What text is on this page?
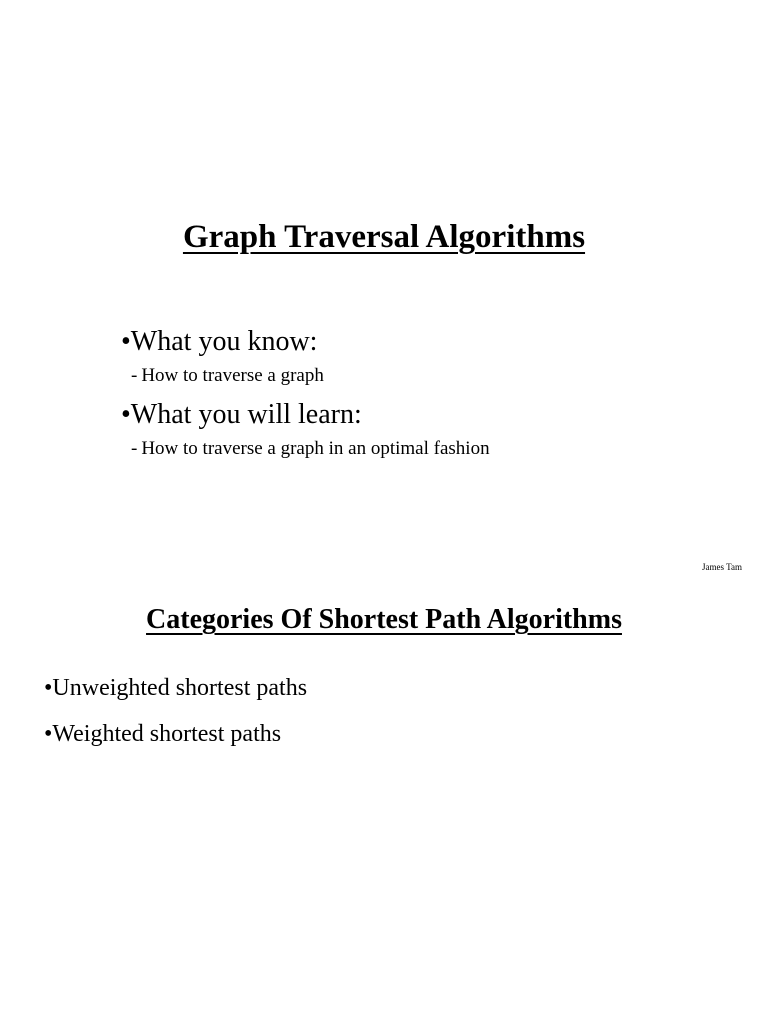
Graph Traversal Algorithms
•What you know:
- How to traverse a graph
•What you will learn:
- How to traverse a graph in an optimal fashion
James Tam
Categories Of Shortest Path Algorithms
•Unweighted shortest paths
•Weighted shortest paths
